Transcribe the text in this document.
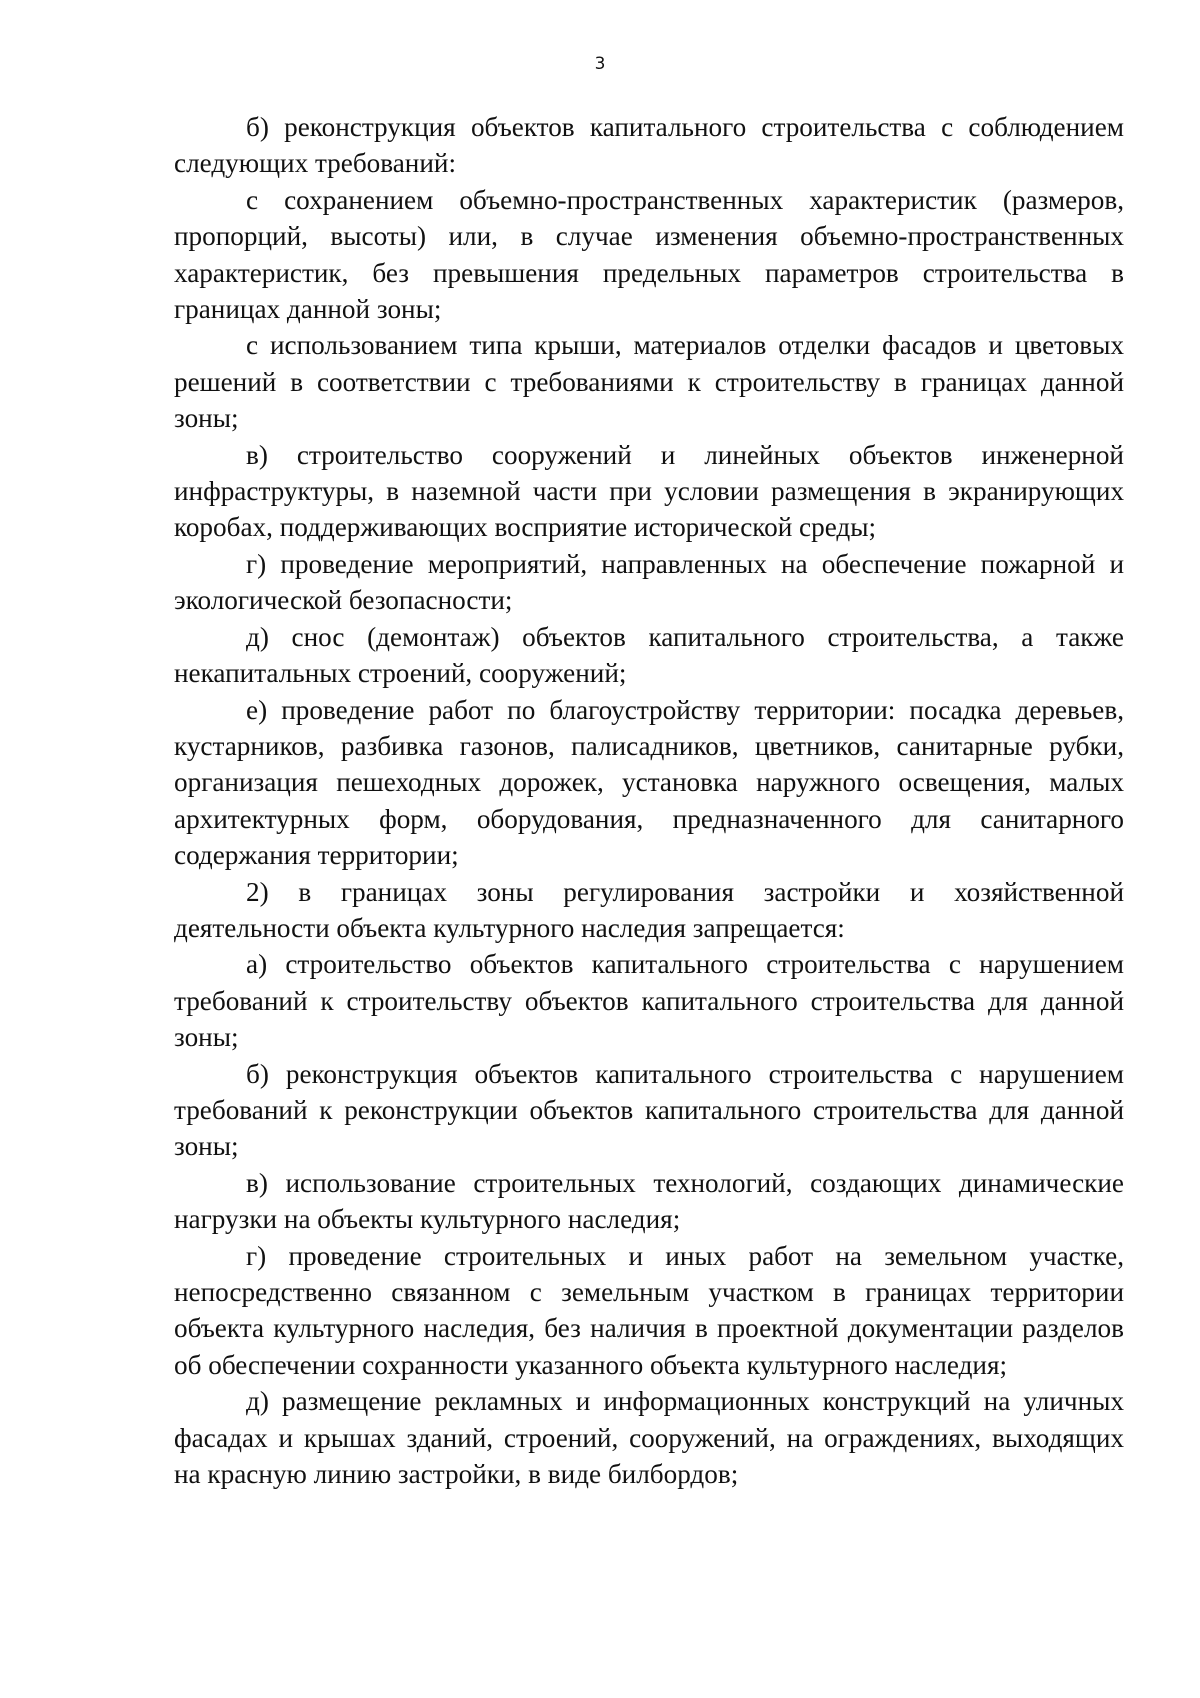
3

б) реконструкция объектов капитального строительства с соблюдением следующих требований:

с сохранением объемно-пространственных характеристик (размеров, пропорций, высоты) или, в случае изменения объемно-пространственных характеристик, без превышения предельных параметров строительства в границах данной зоны;

с использованием типа крыши, материалов отделки фасадов и цветовых решений в соответствии с требованиями к строительству в границах данной зоны;

в) строительство сооружений и линейных объектов инженерной инфраструктуры, в наземной части при условии размещения в экранирующих коробах, поддерживающих восприятие исторической среды;

г) проведение мероприятий, направленных на обеспечение пожарной и экологической безопасности;

д) снос (демонтаж) объектов капитального строительства, а также некапитальных строений, сооружений;

е) проведение работ по благоустройству территории: посадка деревьев, кустарников, разбивка газонов, палисадников, цветников, санитарные рубки, организация пешеходных дорожек, установка наружного освещения, малых архитектурных форм, оборудования, предназначенного для санитарного содержания территории;

2) в границах зоны регулирования застройки и хозяйственной деятельности объекта культурного наследия запрещается:

а) строительство объектов капитального строительства с нарушением требований к строительству объектов капитального строительства для данной зоны;

б) реконструкция объектов капитального строительства с нарушением требований к реконструкции объектов капитального строительства для данной зоны;

в) использование строительных технологий, создающих динамические нагрузки на объекты культурного наследия;

г) проведение строительных и иных работ на земельном участке, непосредственно связанном с земельным участком в границах территории объекта культурного наследия, без наличия в проектной документации разделов об обеспечении сохранности указанного объекта культурного наследия;

д) размещение рекламных и информационных конструкций на уличных фасадах и крышах зданий, строений, сооружений, на ограждениях, выходящих на красную линию застройки, в виде билбордов;
